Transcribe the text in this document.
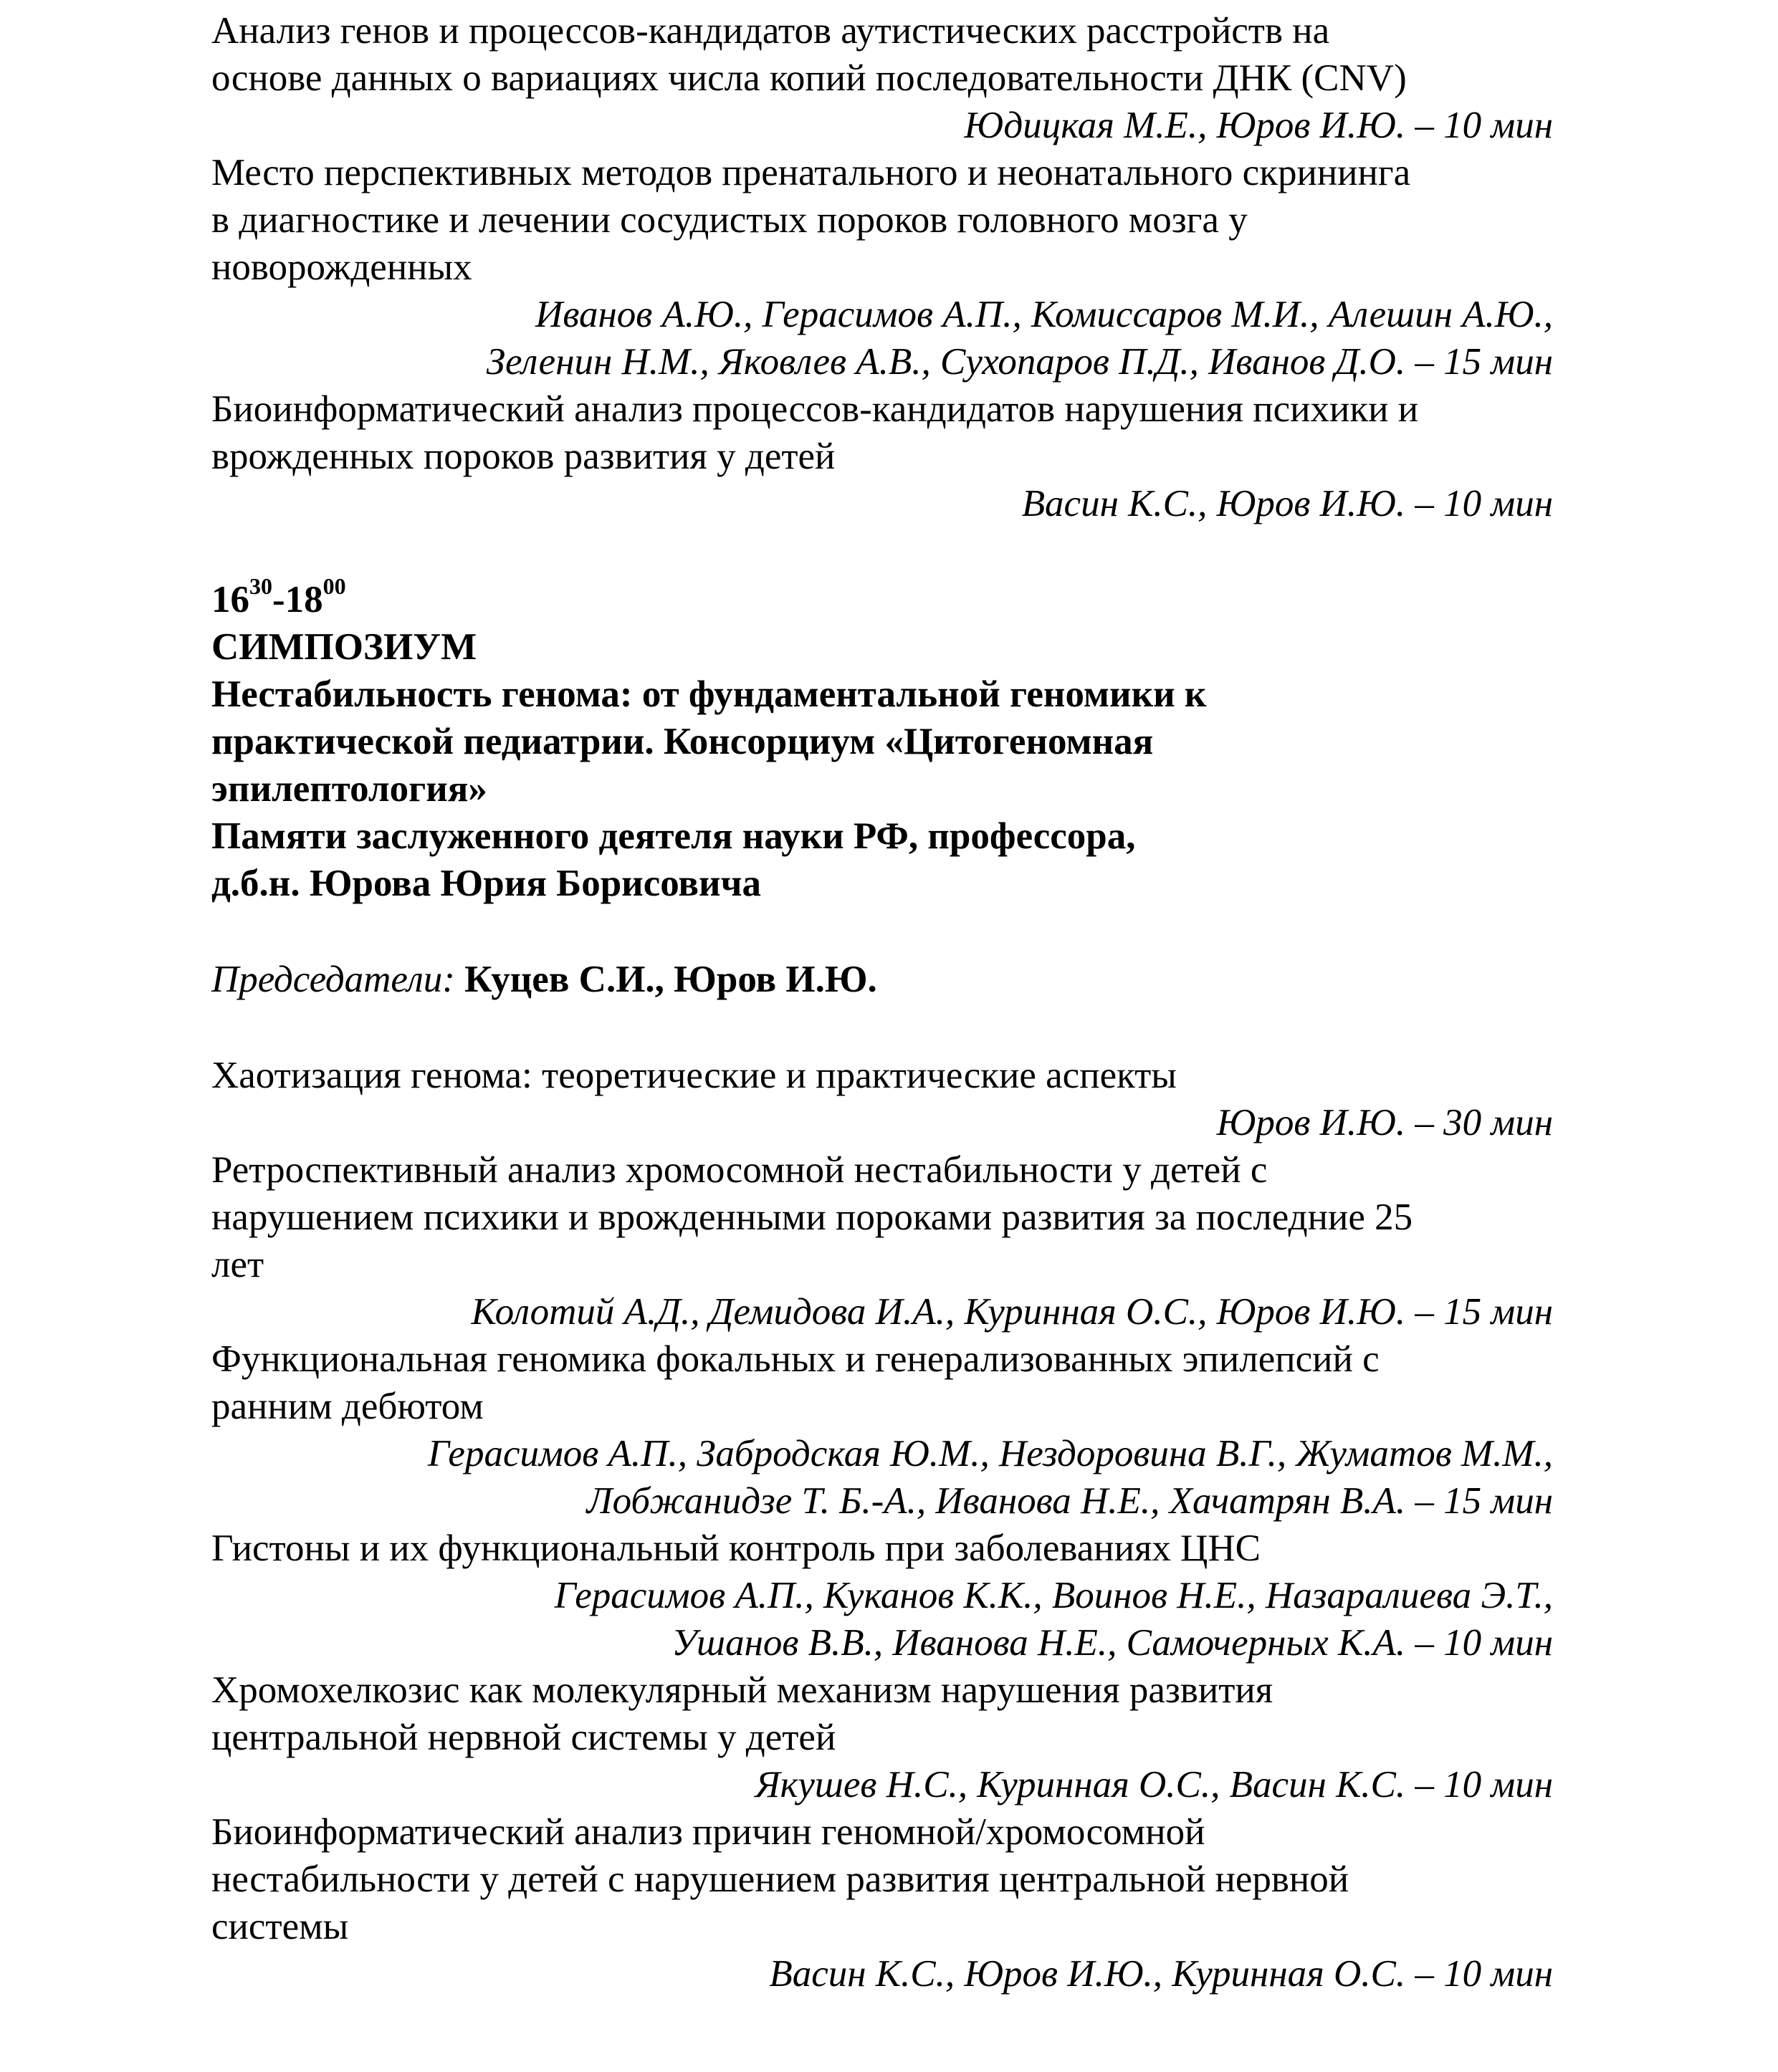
Анализ генов и процессов-кандидатов аутистических расстройств на
основе данных о вариациях числа копий последовательности ДНК (CNV)
Юдицкая М.Е., Юров И.Ю. – 10 мин
Место перспективных методов пренатального и неонатального скрининга
в диагностике и лечении сосудистых пороков головного мозга у
новорожденных
Иванов А.Ю., Герасимов А.П., Комиссаров М.И., Алешин А.Ю.,
Зеленин Н.М., Яковлев А.В., Сухопаров П.Д., Иванов Д.О. – 15 мин
Биоинформатический анализ процессов-кандидатов нарушения психики и
врожденных пороков развития у детей
Васин К.С., Юров И.Ю. – 10 мин
$16^{30}-18^{00}$
СИМПОЗИУМ
Нестабильность генома: от фундаментальной геномики к
практической педиатрии. Консорциум «Цитогеномная
эпилептология»
Памяти заслуженного деятеля науки РФ, профессора,
д.б.н. Юрова Юрия Борисовича
Председатели: Куцев С.И., Юров И.Ю.
Хаотизация генома: теоретические и практические аспекты
Юров И.Ю. – 30 мин
Ретроспективный анализ хромосомной нестабильности у детей с
нарушением психики и врожденными пороками развития за последние 25
лет
Колотий А.Д., Демидова И.А., Куринная О.С., Юров И.Ю. – 15 мин
Функциональная геномика фокальных и генерализованных эпилепсий с
ранним дебютом
Герасимов А.П., Забродская Ю.М., Нездоровина В.Г., Жуматов М.М.,
Лобжанидзе Т. Б.-А., Иванова Н.Е., Хачатрян В.А. – 15 мин
Гистоны и их функциональный контроль при заболеваниях ЦНС
Герасимов А.П., Куканов К.К., Воинов Н.Е., Назаралиева Э.Т.,
Ушанов В.В., Иванова Н.Е., Самочерных К.А. – 10 мин
Хромохелкозис как молекулярный механизм нарушения развития
центральной нервной системы у детей
Якушев Н.С., Куринная О.С., Васин К.С. – 10 мин
Биоинформатический анализ причин геномной/хромосомной
нестабильности у детей с нарушением развития центральной нервной
системы
Васин К.С., Юров И.Ю., Куринная О.С. – 10 мин
